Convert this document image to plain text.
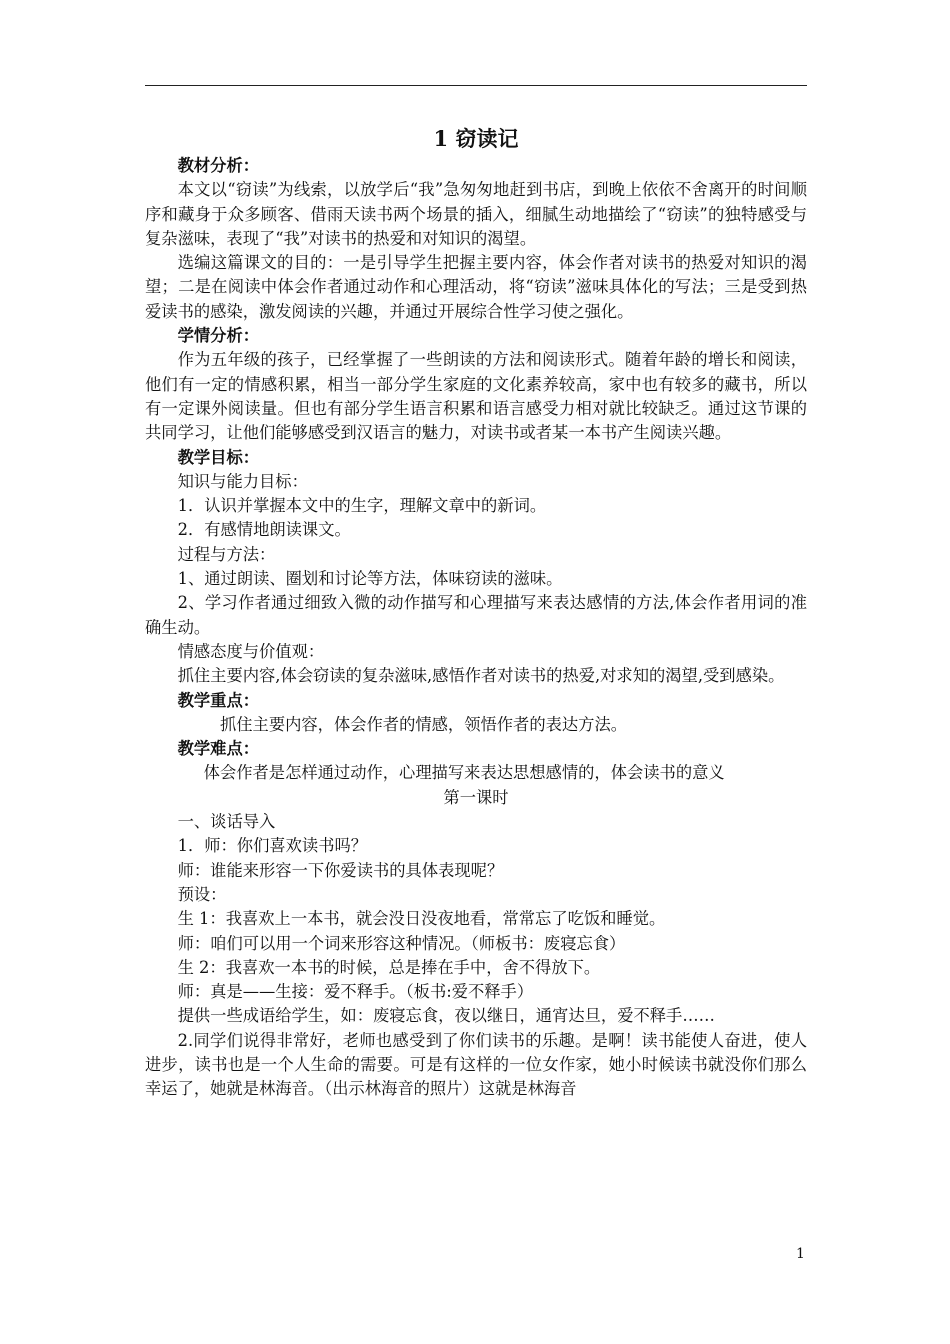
1 窃读记

教材分析：

本文以“窃读”为线索，以放学后“我”急匆匆地赶到书店，到晚上依依不舍离开的时间顺序和藏身于众多顾客、借雨天读书两个场景的插入，细腻生动地描绘了“窃读”的独特感受与复杂滋味，表现了“我”对读书的热爱和对知识的渴望。

选编这篇课文的目的：一是引导学生把握主要内容，体会作者对读书的热爱对知识的渴望；二是在阅读中体会作者通过动作和心理活动，将“窃读”滋味具体化的写法；三是受到热爱读书的感染，激发阅读的兴趣，并通过开展综合性学习使之强化。

学情分析：

作为五年级的孩子，已经掌握了一些朗读的方法和阅读形式。随着年龄的增长和阅读，他们有一定的情感积累，相当一部分学生家庭的文化素养较高，家中也有较多的藏书，所以有一定课外阅读量。但也有部分学生语言积累和语言感受力相对就比较缺乏。通过这节课的共同学习，让他们能够感受到汉语言的魅力，对读书或者某一本书产生阅读兴趣。

教学目标：

知识与能力目标：

1．认识并掌握本文中的生字，理解文章中的新词。

2．有感情地朗读课文。

过程与方法：

1、通过朗读、圈划和讨论等方法，体味窃读的滋味。

2、学习作者通过细致入微的动作描写和心理描写来表达感情的方法,体会作者用词的准确生动。

情感态度与价值观：

抓住主要内容,体会窃读的复杂滋味,感悟作者对读书的热爱,对求知的渴望,受到感染。

教学重点：

抓住主要内容，体会作者的情感，领悟作者的表达方法。

教学难点：

体会作者是怎样通过动作，心理描写来表达思想感情的，体会读书的意义

第一课时

一、谈话导入

1．师：你们喜欢读书吗？

师：谁能来形容一下你爱读书的具体表现呢？

预设：

生 1：我喜欢上一本书，就会没日没夜地看，常常忘了吃饭和睡觉。

师：咱们可以用一个词来形容这种情况。（师板书：废寝忘食）

生 2：我喜欢一本书的时候，总是捧在手中，舍不得放下。

师：真是——生接：爱不释手。（板书:爱不释手）

提供一些成语给学生，如：废寝忘食，夜以继日，通宵达旦，爱不释手……

2.同学们说得非常好，老师也感受到了你们读书的乐趣。是啊！读书能使人奋进，使人进步，读书也是一个人生命的需要。可是有这样的一位女作家，她小时候读书就没你们那么幸运了，她就是林海音。（出示林海音的照片）这就是林海音

1
